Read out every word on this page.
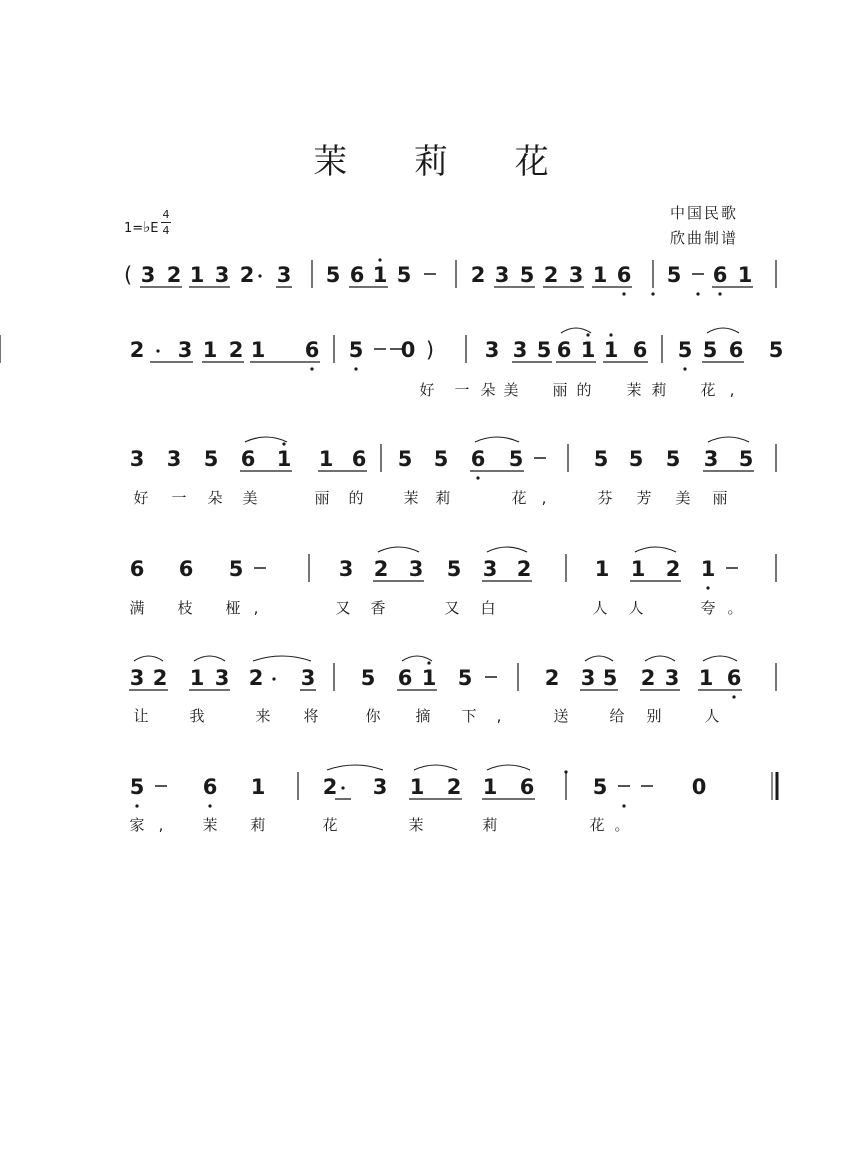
茉 莉 花
1=♭E
4
4
中国民歌
欣曲制谱
( 3 2 1 3 2 3 5 6 1 5	2 3 5 2 3 1 6 5 6 1
2 3 1 2 1 6 5 0 ) 3 3 5 6 1 1 6 5 5 6 5
好 一 朵 美 丽 的 茉 莉 花 ,
3 3 5 6 1 1 6 5 5 6 5	5 5 5 3 5
好 一 朵 美	丽 的	茉 莉	花 ,	芬 芳 美 丽
6 6 5	3 2 3 5 3 2	1 1 2 1
满 枝 桠 ,	又 香	又 白	人 人	夸 。
3 2 1 3 2 3 5 6 1 5	2 3 5 2 3 1 6
让	我	来 将	你 摘 下 ,	送	给 别	人
5	6 1	2 3 1 2 1 6	5	0
家 ,	茉 莉	花	茉	莉	花 。
